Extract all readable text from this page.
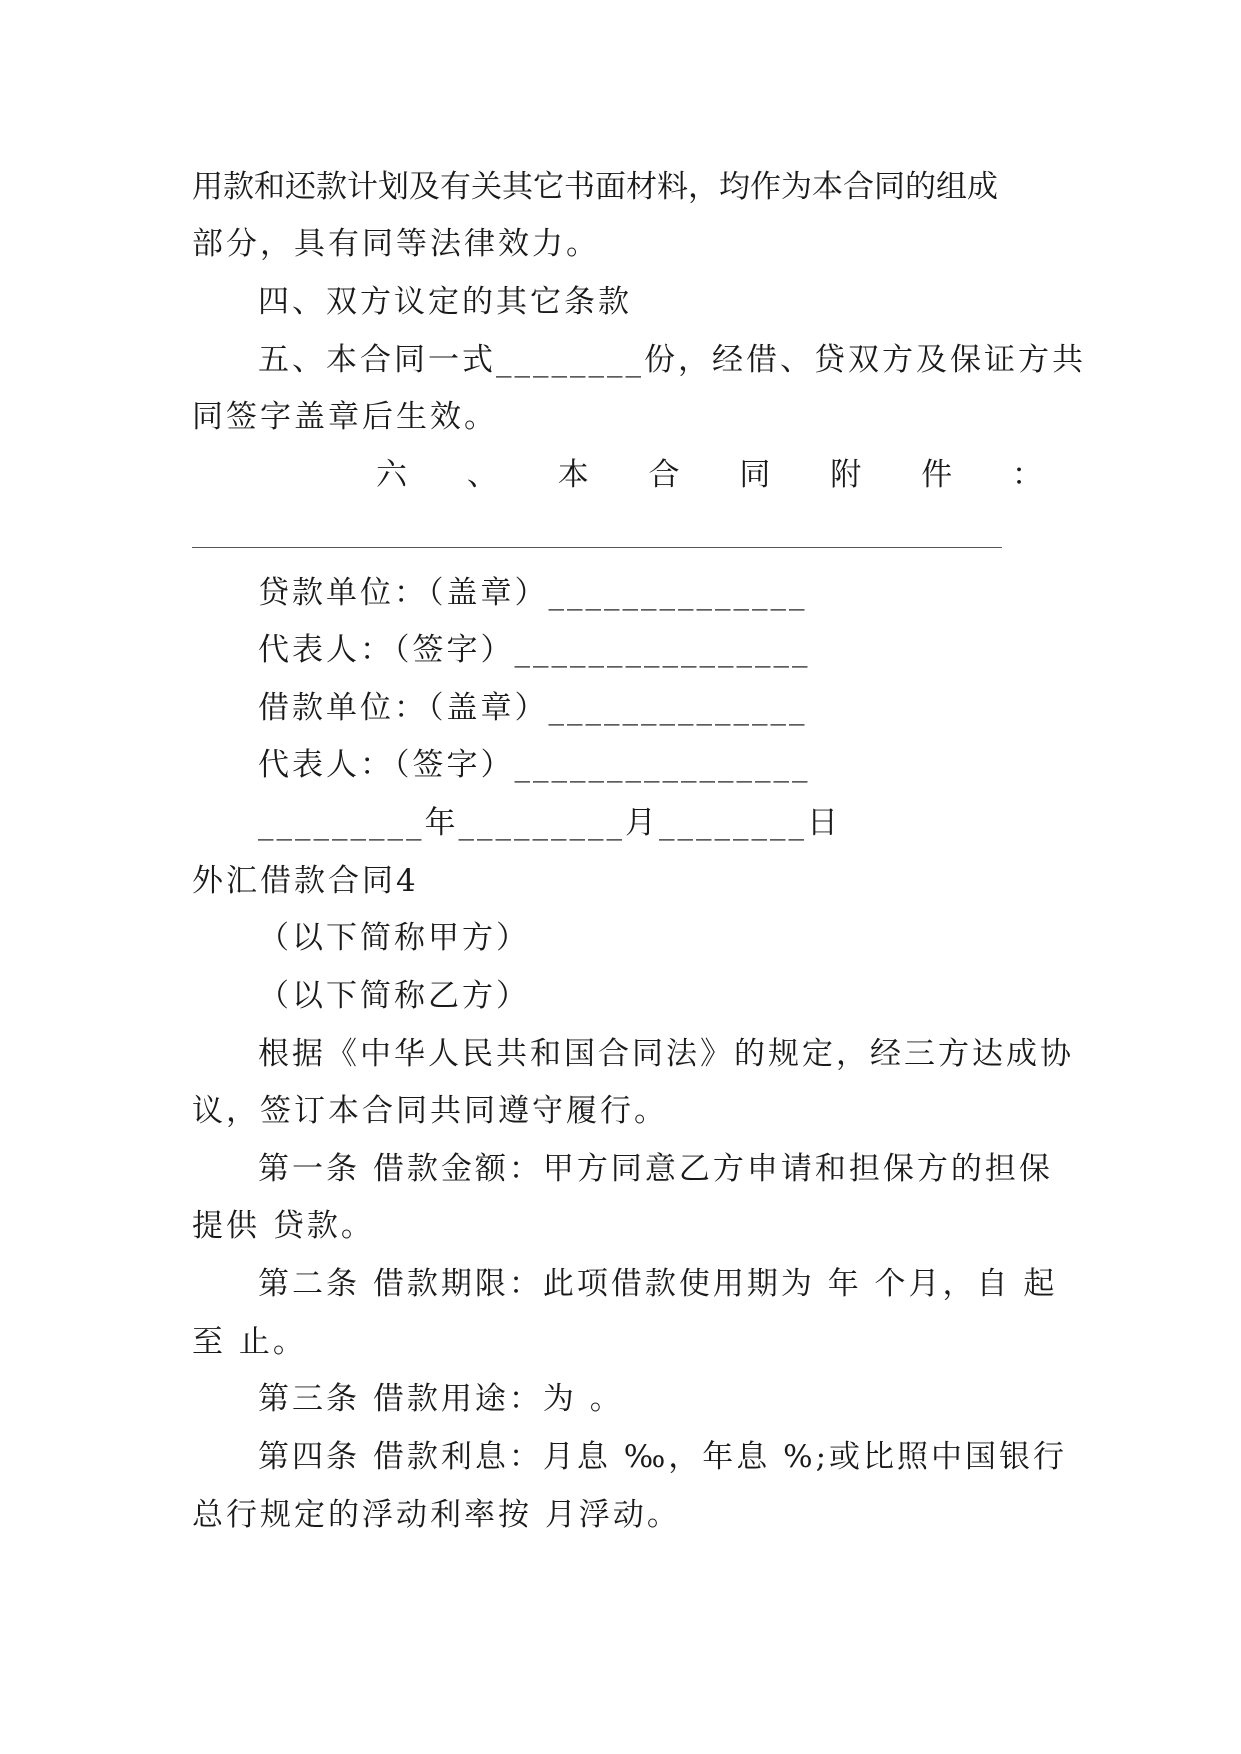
用款和还款计划及有关其它书面材料，均作为本合同的组成
部分，具有同等法律效力。
四、双方议定的其它条款
五、本合同一式________份，经借、贷双方及保证方共
同签字盖章后生效。
六 、 本 合 同 附 件 ：
贷款单位：（盖章）______________
代表人：（签字）________________
借款单位：（盖章）______________
代表人：（签字）________________
_________年_________月________日
外汇借款合同4
（以下简称甲方）
（以下简称乙方）
根据《中华人民共和国合同法》的规定，经三方达成协
议，签订本合同共同遵守履行。
第一条 借款金额：甲方同意乙方申请和担保方的担保
提供 贷款。
第二条 借款期限：此项借款使用期为 年 个月，自 起
至 止。
第三条 借款用途：为 。
第四条 借款利息：月息 ‰，年息 %;或比照中国银行
总行规定的浮动利率按 月浮动。
